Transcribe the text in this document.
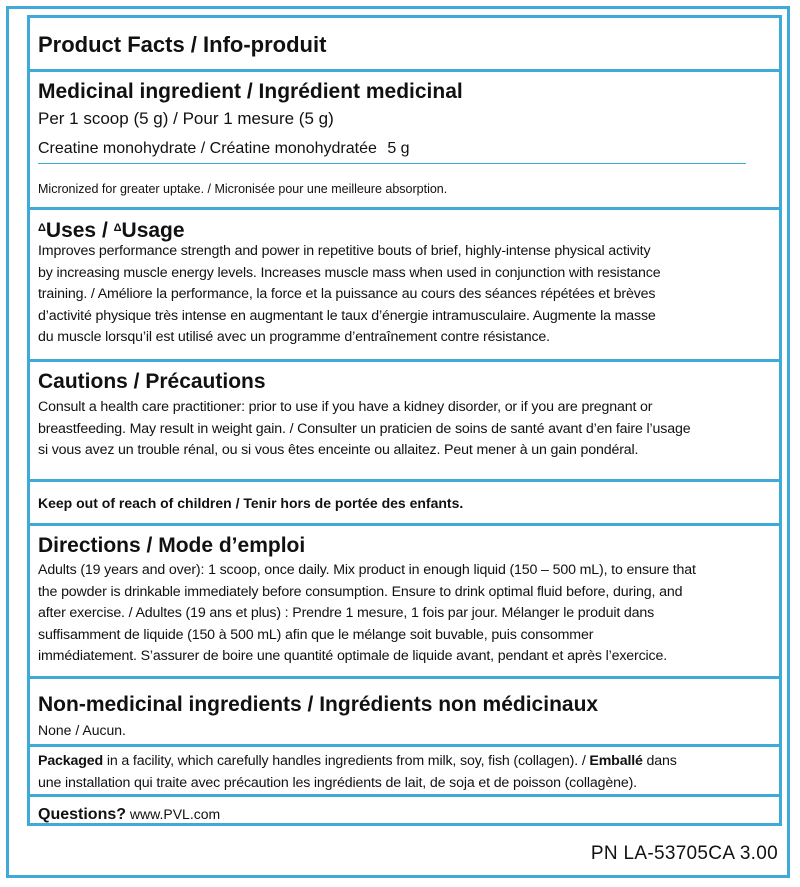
Product Facts / Info-produit
Medicinal ingredient / Ingrédient medicinal
Per 1 scoop (5 g) / Pour 1 mesure (5 g)
Creatine monohydrate / Créatine monohydratée 5 g
Micronized for greater uptake. / Micronisée pour une meilleure absorption.
$^\Delta$Uses / $^\Delta$Usage
Improves performance strength and power in repetitive bouts of brief, highly-intense physical activity
by increasing muscle energy levels. Increases muscle mass when used in conjunction with resistance
training. / Améliore la performance, la force et la puissance au cours des séances répétées et brèves
d’activité physique très intense en augmentant le taux d’énergie intramusculaire. Augmente la masse
du muscle lorsqu’il est utilisé avec un programme d’entraînement contre résistance.
Cautions / Précautions
Consult a health care practitioner: prior to use if you have a kidney disorder, or if you are pregnant or
breastfeeding. May result in weight gain. / Consulter un praticien de soins de santé avant d’en faire l’usage
si vous avez un trouble rénal, ou si vous êtes enceinte ou allaitez. Peut mener à un gain pondéral.
Keep out of reach of children / Tenir hors de portée des enfants.
Directions / Mode d’emploi
Adults (19 years and over): 1 scoop, once daily. Mix product in enough liquid (150 – 500 mL), to ensure that
the powder is drinkable immediately before consumption. Ensure to drink optimal fluid before, during, and
after exercise. / Adultes (19 ans et plus) : Prendre 1 mesure, 1 fois par jour. Mélanger le produit dans
suffisamment de liquide (150 à 500 mL) afin que le mélange soit buvable, puis consommer
immédiatement. S’assurer de boire une quantité optimale de liquide avant, pendant et après l’exercice.
Non-medicinal ingredients / Ingrédients non médicinaux
None / Aucun.
Packaged in a facility, which carefully handles ingredients from milk, soy, fish (collagen). / Emballé dans
une installation qui traite avec précaution les ingrédients de lait, de soja et de poisson (collagène).
Questions? www.PVL.com
PN LA-53705CA 3.00
